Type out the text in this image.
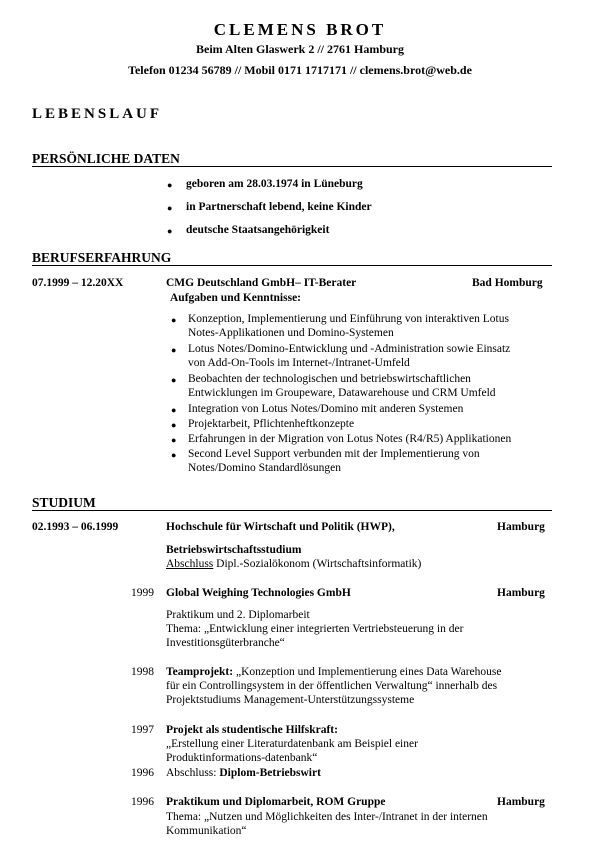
CLEMENS BROT
Beim Alten Glaswerk 2 // 2761 Hamburg
Telefon 01234 56789 // Mobil 0171 1717171 // clemens.brot@web.de
LEBENSLAUF
PERSÖNLICHE DATEN
● geboren am 28.03.1974 in Lüneburg
● in Partnerschaft lebend, keine Kinder
● deutsche Staatsangehörigkeit
BERUFSERFAHRUNG
07.1999 – 12.20XX	CMG Deutschland GmbH– IT-Berater	Bad Homburg
Aufgaben und Kenntnisse:
● Konzeption, Implementierung und Einführung von interaktiven Lotus
Notes-Applikationen und Domino-Systemen
● Lotus Notes/Domino-Entwicklung und -Administration sowie Einsatz
von Add-On-Tools im Internet-/Intranet-Umfeld
● Beobachten der technologischen und betriebswirtschaftlichen
Entwicklungen im Groupeware, Datawarehouse und CRM Umfeld
● Integration von Lotus Notes/Domino mit anderen Systemen
● Projektarbeit, Pflichtenheftkonzepte
● Erfahrungen in der Migration von Lotus Notes (R4/R5) Applikationen
● Second Level Support verbunden mit der Implementierung von
Notes/Domino Standardlösungen
STUDIUM
02.1993 – 06.1999	Hochschule für Wirtschaft und Politik (HWP),	Hamburg
Betriebswirtschaftsstudium
Abschluss Dipl.-Sozialökonom (Wirtschaftsinformatik)
1999 Global Weighing Technologies GmbH	Hamburg
Praktikum und 2. Diplomarbeit
Thema: „Entwicklung einer integrierten Vertriebsteuerung in der
Investitionsgüterbranche“
1998 Teamprojekt: „Konzeption und Implementierung eines Data Warehouse
für ein Controllingsystem in der öffentlichen Verwaltung“ innerhalb des
Projektstudiums Management-Unterstützungssysteme
1997 Projekt als studentische Hilfskraft:
„Erstellung einer Literaturdatenbank am Beispiel einer
Produktinformations-datenbank“
1996 Abschluss: Diplom-Betriebswirt
1996 Praktikum und Diplomarbeit, ROM Gruppe	Hamburg
Thema: „Nutzen und Möglichkeiten des Inter-/Intranet in der internen
Kommunikation“
